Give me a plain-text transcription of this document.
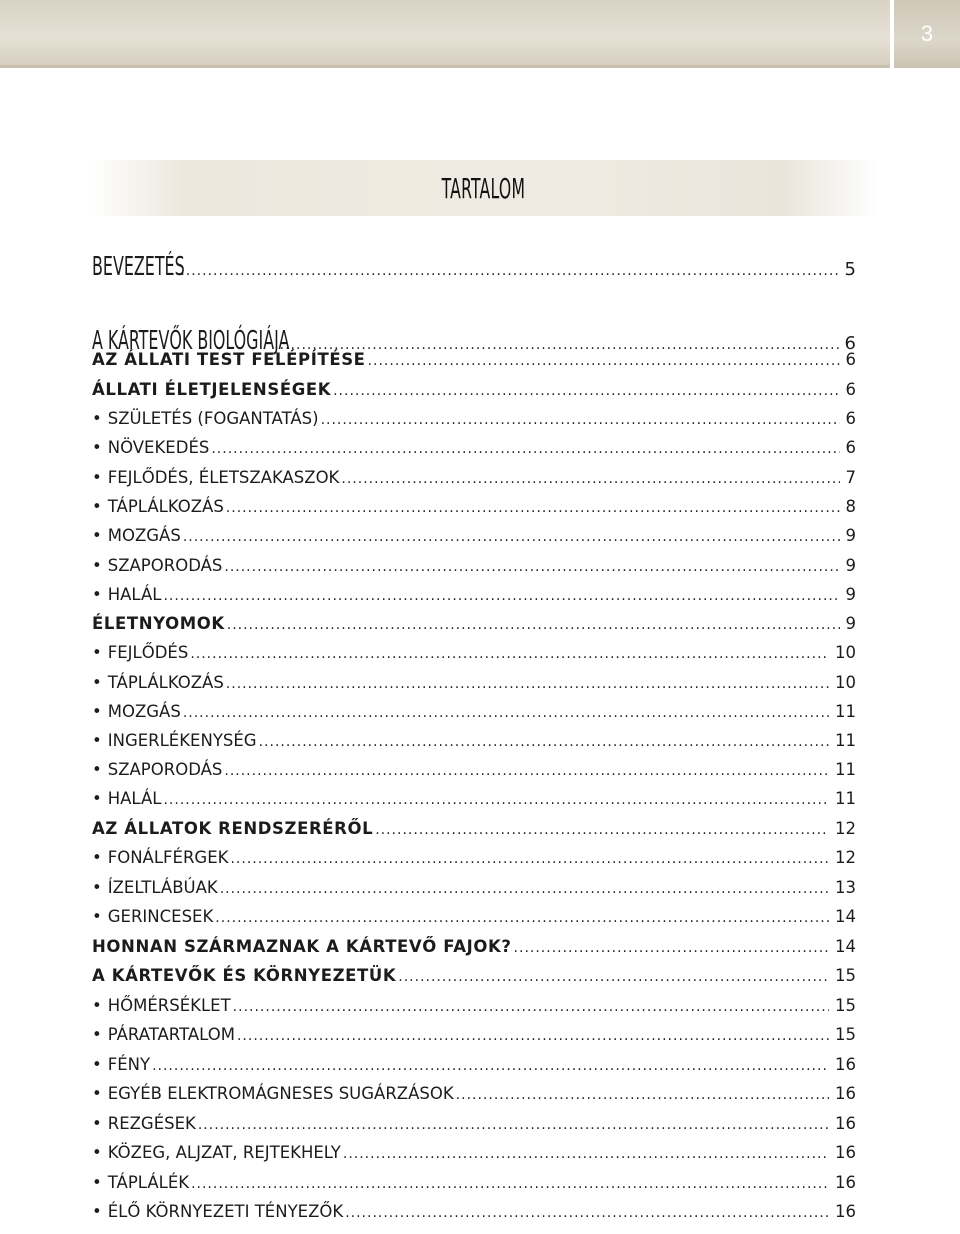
3
TARTALOM
BEVEZETÉS .....	5
A KÁRTEVŐK BIOLÓGIÁJA .....	6
AZ ÁLLATI TEST FELÉPÍTÉSE .....	6
ÁLLATI ÉLETJELENSÉGEK .....	6
• SZÜLETÉS (FOGANTATÁS) .....	6
• NÖVEKEDÉS .....	6
• FEJLŐDÉS, ÉLETSZAKASZOK .....	7
• TÁPLÁLKOZÁS .....	8
• MOZGÁS .....	9
• SZAPORODÁS .....	9
• HALÁL .....	9
ÉLETNYOMOK .....	9
• FEJLŐDÉS .....	10
• TÁPLÁLKOZÁS .....	10
• MOZGÁS .....	11
• INGERLÉKENYSÉG .....	11
• SZAPORODÁS .....	11
• HALÁL .....	11
AZ ÁLLATOK RENDSZERÉRŐL .....	12
• FONÁLFÉRGEK .....	12
• ÍZELTLÁBÚAK .....	13
• GERINCESEK .....	14
HONNAN SZÁRMAZNAK A KÁRTEVŐ FAJOK? .....	14
A KÁRTEVŐK ÉS KÖRNYEZETÜK .....	15
• HŐMÉRSÉKLET .....	15
• PÁRATARTALOM .....	15
• FÉNY .....	16
• EGYÉB ELEKTROMÁGNESES SUGÁRZÁSOK .....	16
• REZGÉSEK .....	16
• KÖZEG, ALJZAT, REJTEKHELY .....	16
• TÁPLÁLÉK .....	16
• ÉLŐ KÖRNYEZETI TÉNYEZŐK .....	16
